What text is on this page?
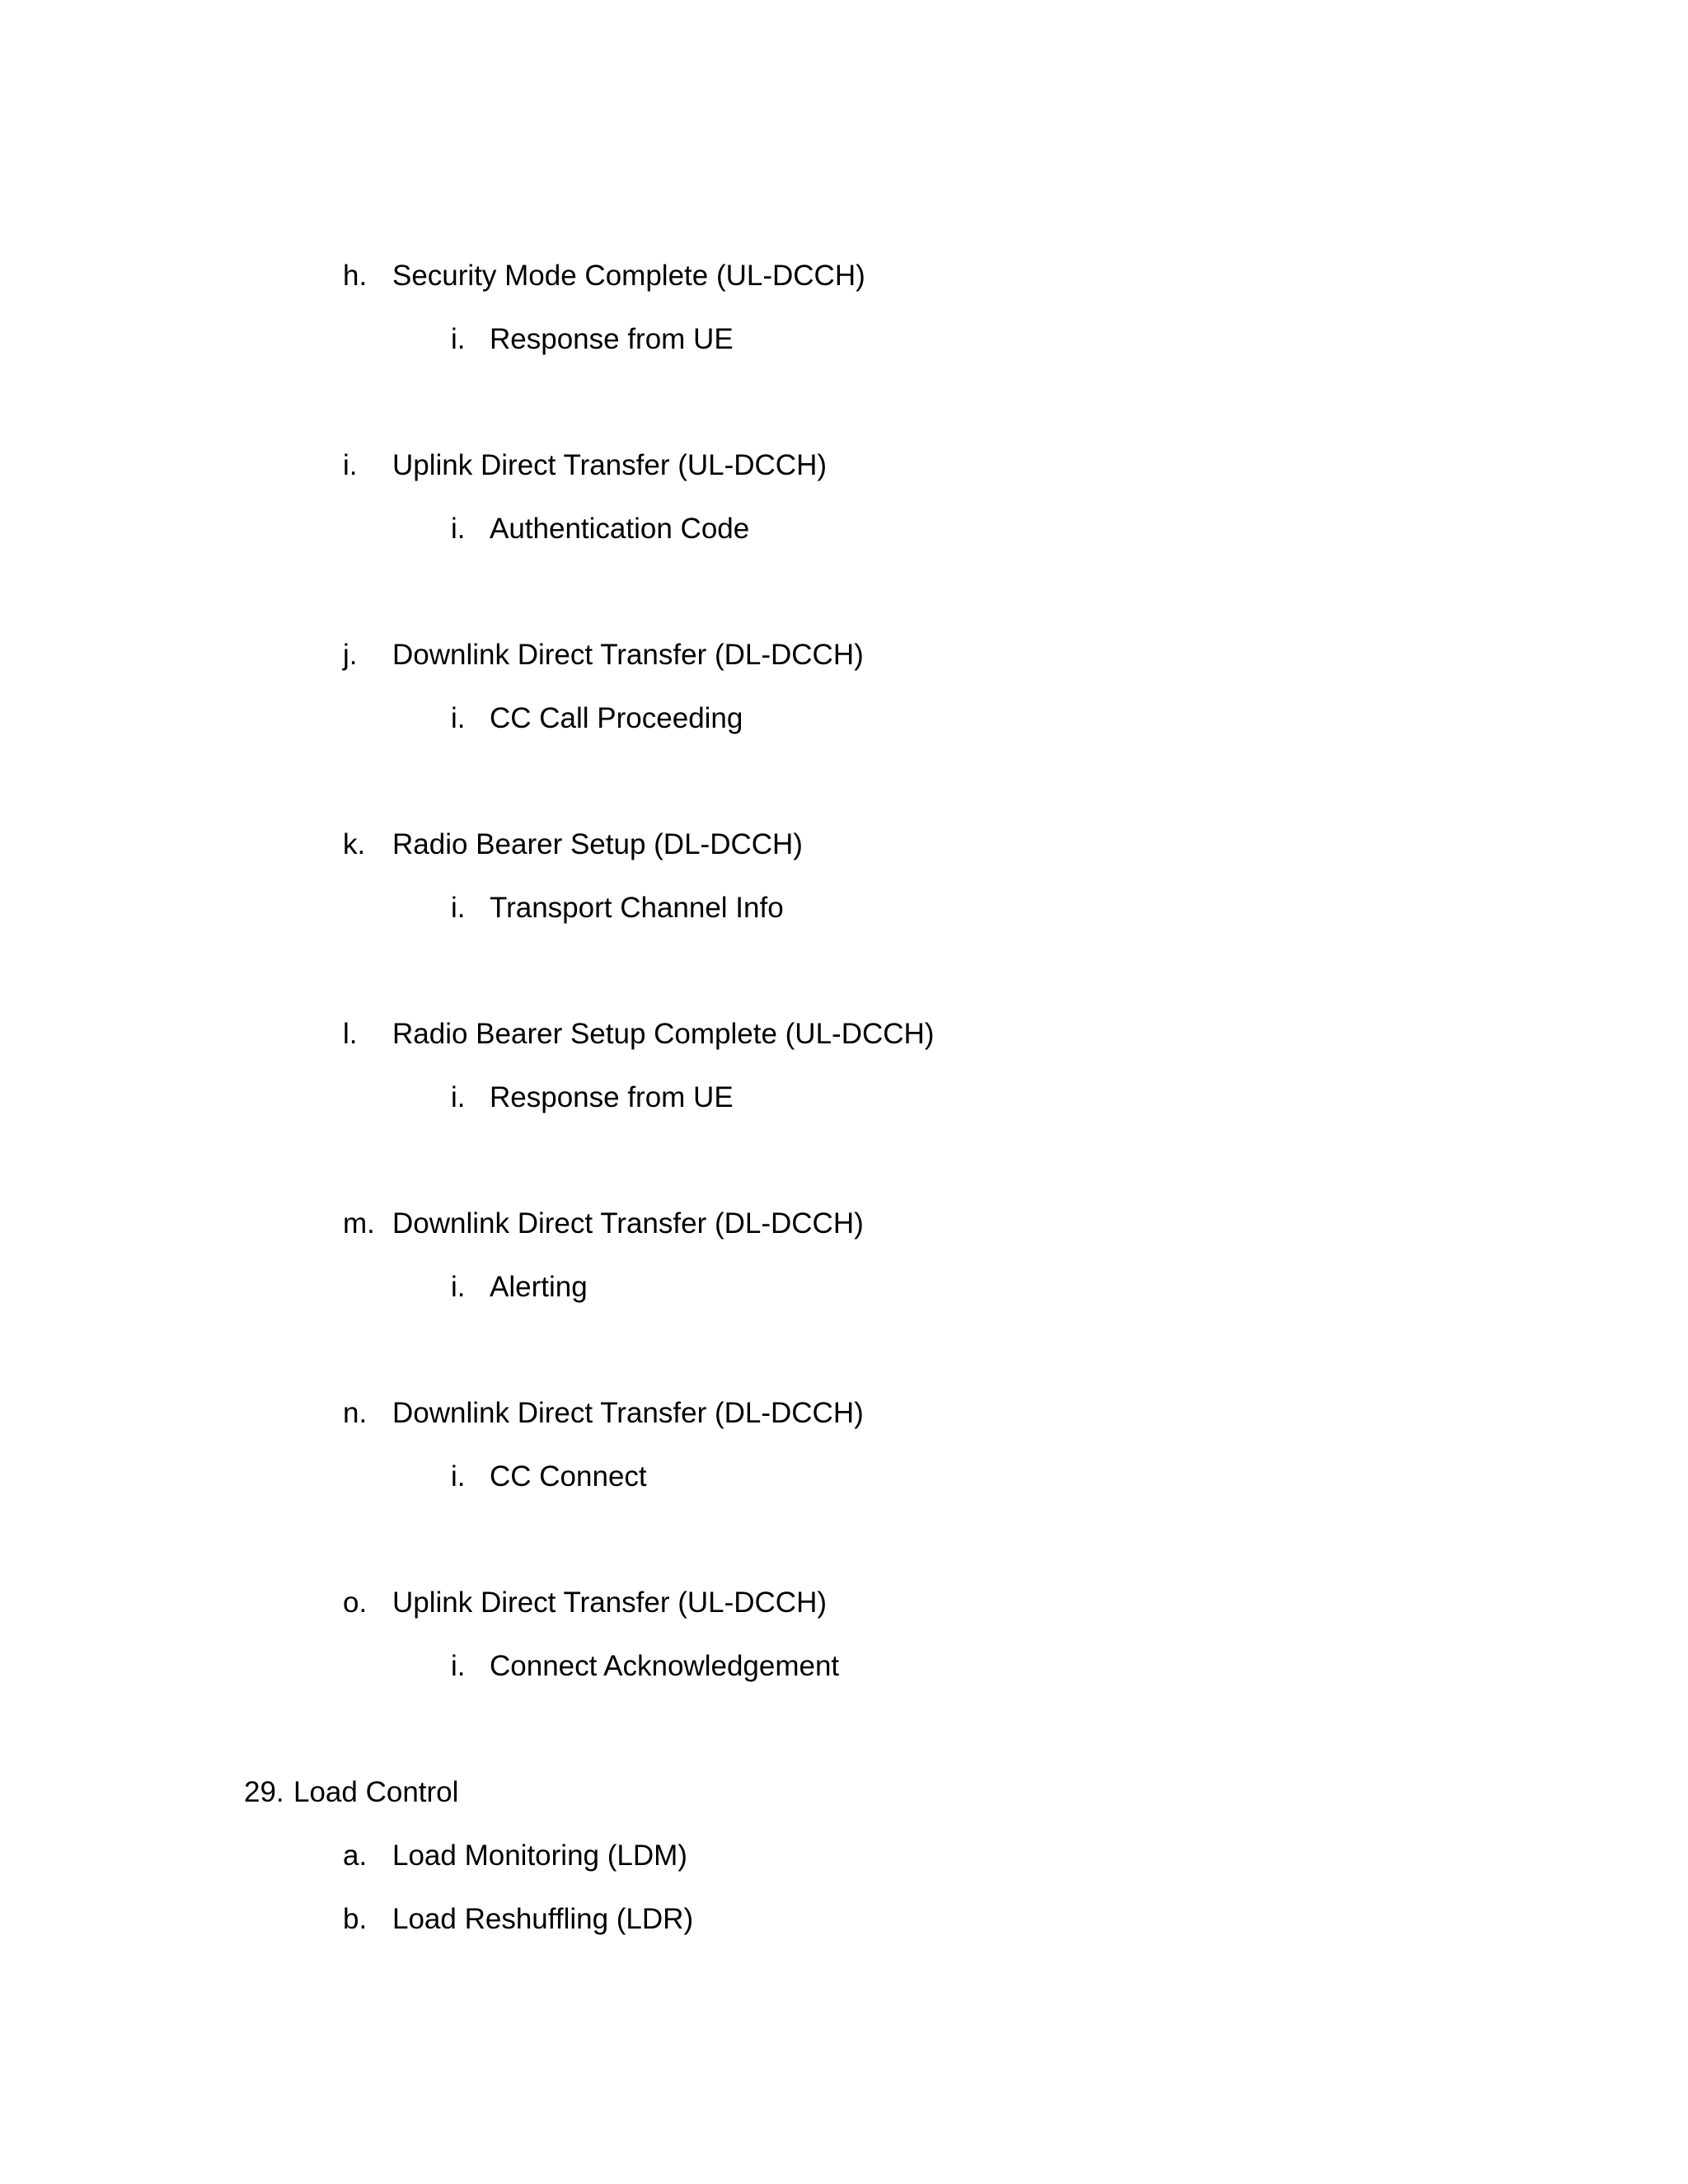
h. Security Mode Complete (UL-DCCH)
i. Response from UE
i. Uplink Direct Transfer (UL-DCCH)
i. Authentication Code
j. Downlink Direct Transfer (DL-DCCH)
i. CC Call Proceeding
k. Radio Bearer Setup (DL-DCCH)
i. Transport Channel Info
l. Radio Bearer Setup Complete (UL-DCCH)
i. Response from UE
m. Downlink Direct Transfer (DL-DCCH)
i. Alerting
n. Downlink Direct Transfer (DL-DCCH)
i. CC Connect
o. Uplink Direct Transfer (UL-DCCH)
i. Connect Acknowledgement
29. Load Control
a. Load Monitoring (LDM)
b. Load Reshuffling (LDR)
